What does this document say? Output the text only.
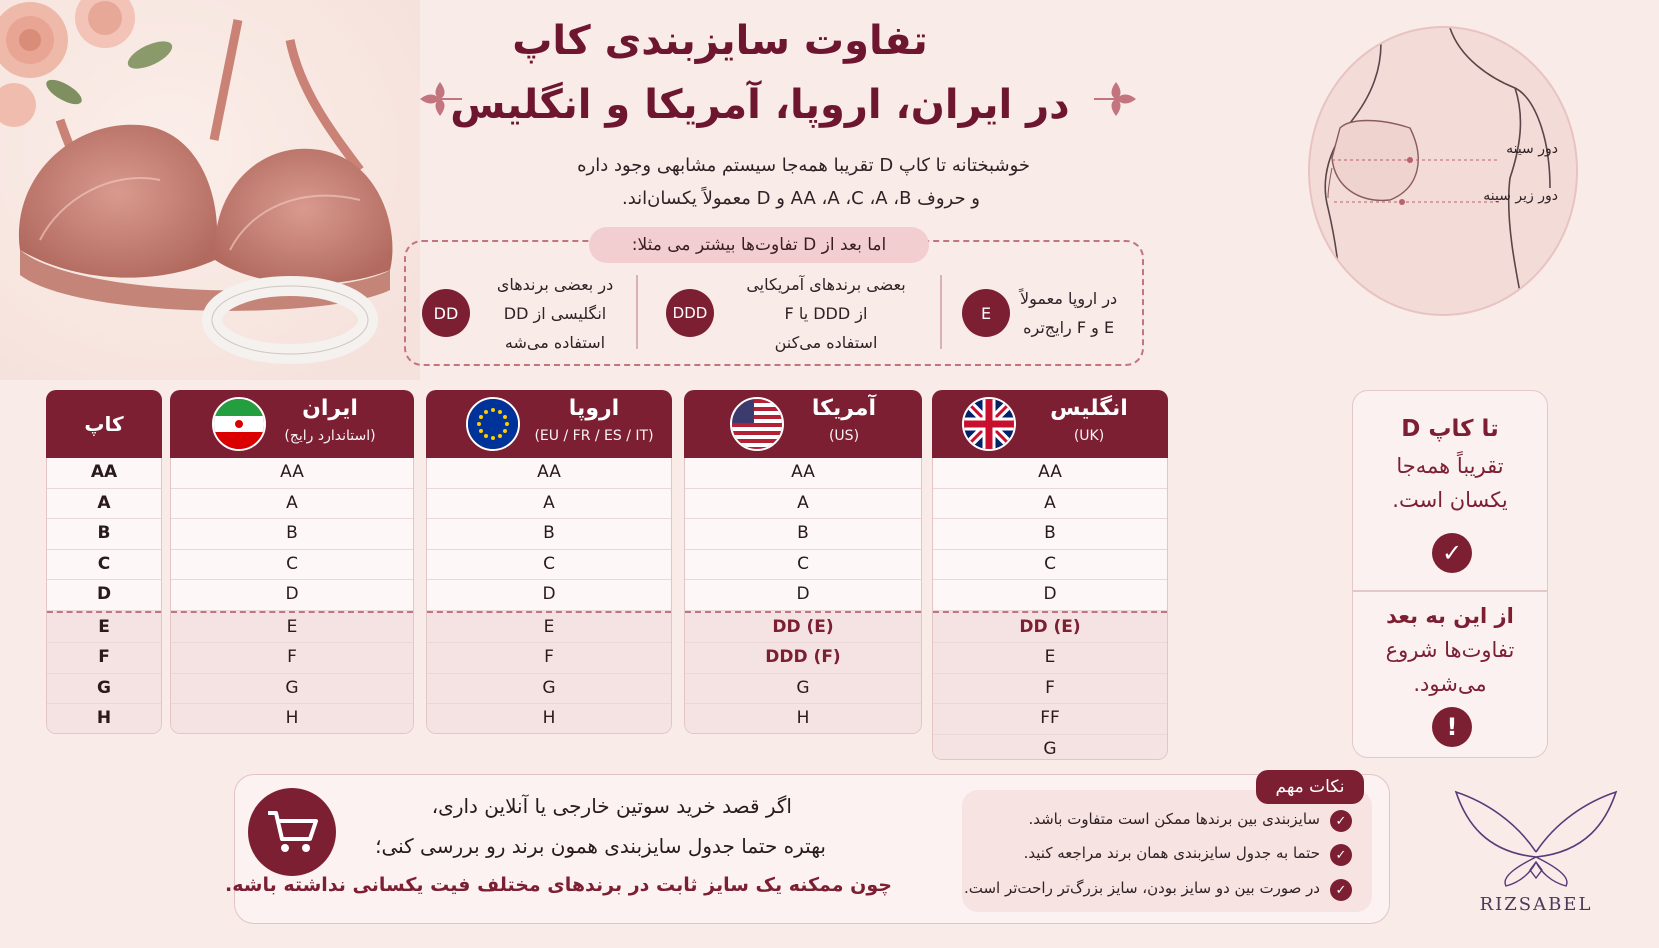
تفاوت سایزبندی کاپ
در ایران، اروپا، آمریکا و انگلیس
خوشبختانه تا کاپ D تقریبا همه‌جا سیستم مشابهی وجود داره
و حروف AA ،A ،C ،A ،B و D معمولاً یکسان‌اند.
اما بعد از D تفاوت‌ها بیشتر می مثلا:
E
در اروپا معمولاً
E و F رایج‌تره
DDD
بعضی برندهای آمریکایی
از DDD یا F
استفاده می‌کنن
DD
در بعضی برندهای
انگلیسی از DD
استفاده می‌شه
دور سینه
دور زیر سینه
کاپ
AA
A
B
C
D
E
F
G
H
ایران
(استاندارد رایج)
AA
A
B
C
D
E
F
G
H
اروپا
(EU / FR / ES / IT)
AA
A
B
C
D
E
F
G
H
آمریکا
(US)
AA
A
B
C
D
DD (E)
DDD (F)
G
H
انگلیس
(UK)
AA
A
B
C
D
DD (E)
E
F
FF
G
تا کاپ D
تقریباً همه‌جا
یکسان است.
✓
از این به بعد
تفاوت‌ها شروع
می‌شود.
!
اگر قصد خرید سوتین خارجی یا آنلاین داری،
بهتره حتما جدول سایزبندی همون برند رو بررسی کنی؛
چون ممکنه یک سایز ثابت در برندهای مختلف فیت یکسانی نداشته باشه.
نکات مهم
✓
سایزبندی بین برندها ممکن است متفاوت باشد.
✓
حتما به جدول سایزبندی همان برند مراجعه کنید.
✓
در صورت بین دو سایز بودن، سایز بزرگ‌تر راحت‌تر است.
RIZSABEL
